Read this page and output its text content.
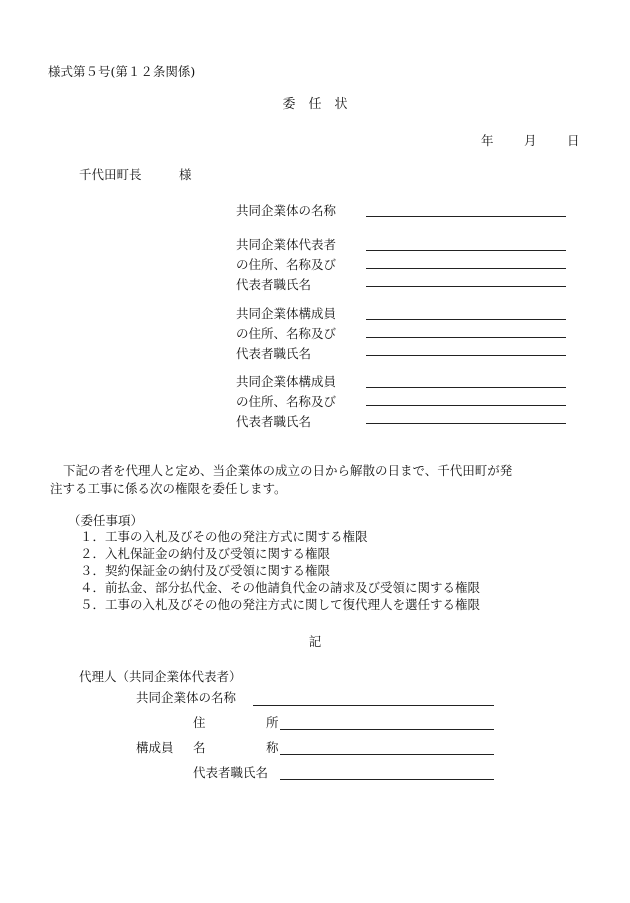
様式第５号(第１２条関係)
委　任　状
年 月 日
千代田町長	様
共同企業体の名称
共同企業体代表者
の住所、名称及び
代表者職氏名
共同企業体構成員
の住所、名称及び
代表者職氏名
共同企業体構成員
の住所、名称及び
代表者職氏名
下記の者を代理人と定め、当企業体の成立の日から解散の日まで、千代田町が発
注する工事に係る次の権限を委任します。
（委任事項）
１．工事の入札及びその他の発注方式に関する権限
２．入札保証金の納付及び受領に関する権限
３．契約保証金の納付及び受領に関する権限
４．前払金、部分払代金、その他請負代金の請求及び受領に関する権限
５．工事の入札及びその他の発注方式に関して復代理人を選任する権限
記
代理人（共同企業体代表者）
共同企業体の名称
住	所
構成員 名	称
代表者職氏名
